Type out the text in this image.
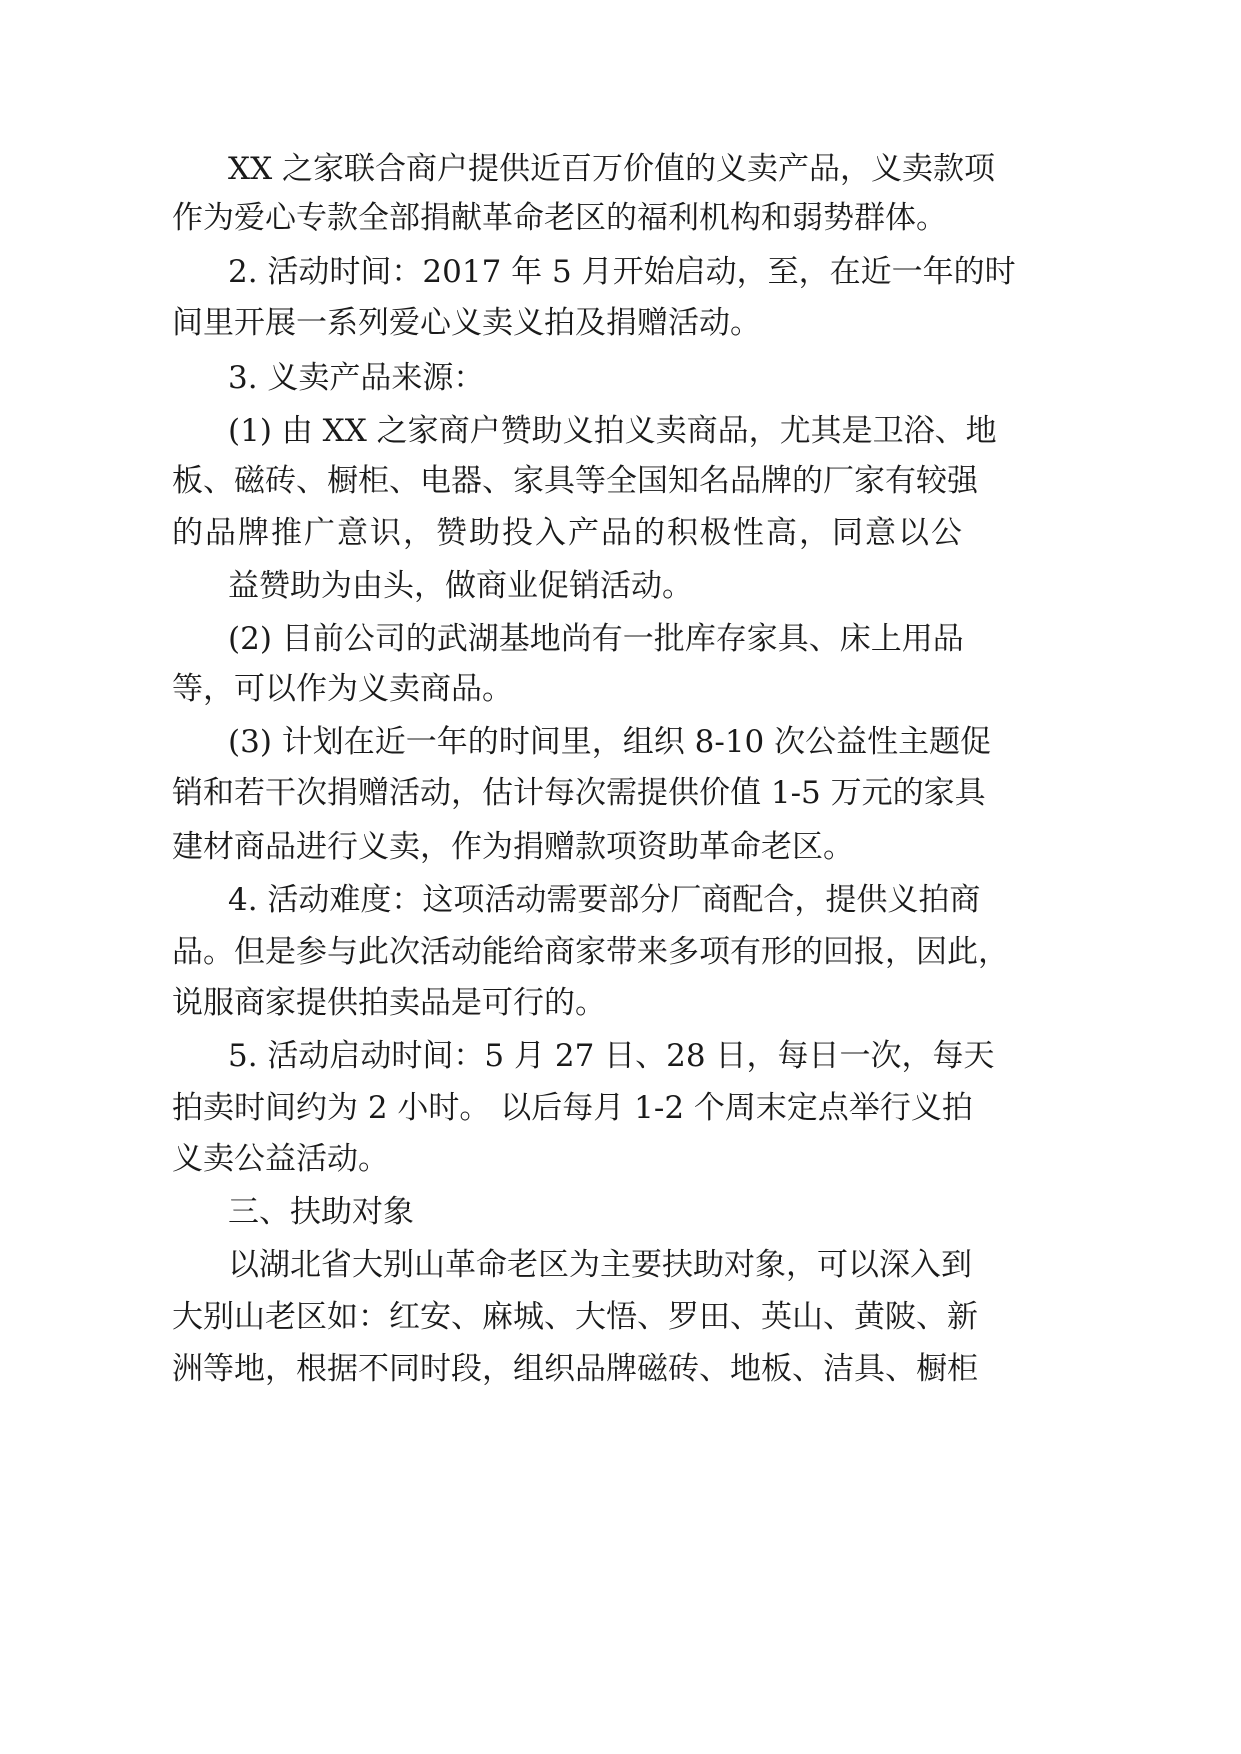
XX 之家联合商户提供近百万价值的义卖产品，义卖款项
作为爱心专款全部捐献革命老区的福利机构和弱势群体。
2. 活动时间：2017 年 5 月开始启动，至，在近一年的时
间里开展一系列爱心义卖义拍及捐赠活动。
3. 义卖产品来源：
(1) 由 XX 之家商户赞助义拍义卖商品，尤其是卫浴、地
板、磁砖、橱柜、电器、家具等全国知名品牌的厂家有较强
的品牌推广意识，赞助投入产品的积极性高，同意以公
益赞助为由头，做商业促销活动。
(2) 目前公司的武湖基地尚有一批库存家具、床上用品
等，可以作为义卖商品。
(3) 计划在近一年的时间里，组织 8-10 次公益性主题促
销和若干次捐赠活动，估计每次需提供价值 1-5 万元的家具
建材商品进行义卖，作为捐赠款项资助革命老区。
4. 活动难度：这项活动需要部分厂商配合，提供义拍商
品。但是参与此次活动能给商家带来多项有形的回报，因此，
说服商家提供拍卖品是可行的。
5. 活动启动时间：5 月 27 日、28 日，每日一次，每天
拍卖时间约为 2 小时。 以后每月 1-2 个周末定点举行义拍
义卖公益活动。
三、扶助对象
以湖北省大别山革命老区为主要扶助对象，可以深入到
大别山老区如：红安、麻城、大悟、罗田、英山、黄陂、新
洲等地，根据不同时段，组织品牌磁砖、地板、洁具、橱柜
